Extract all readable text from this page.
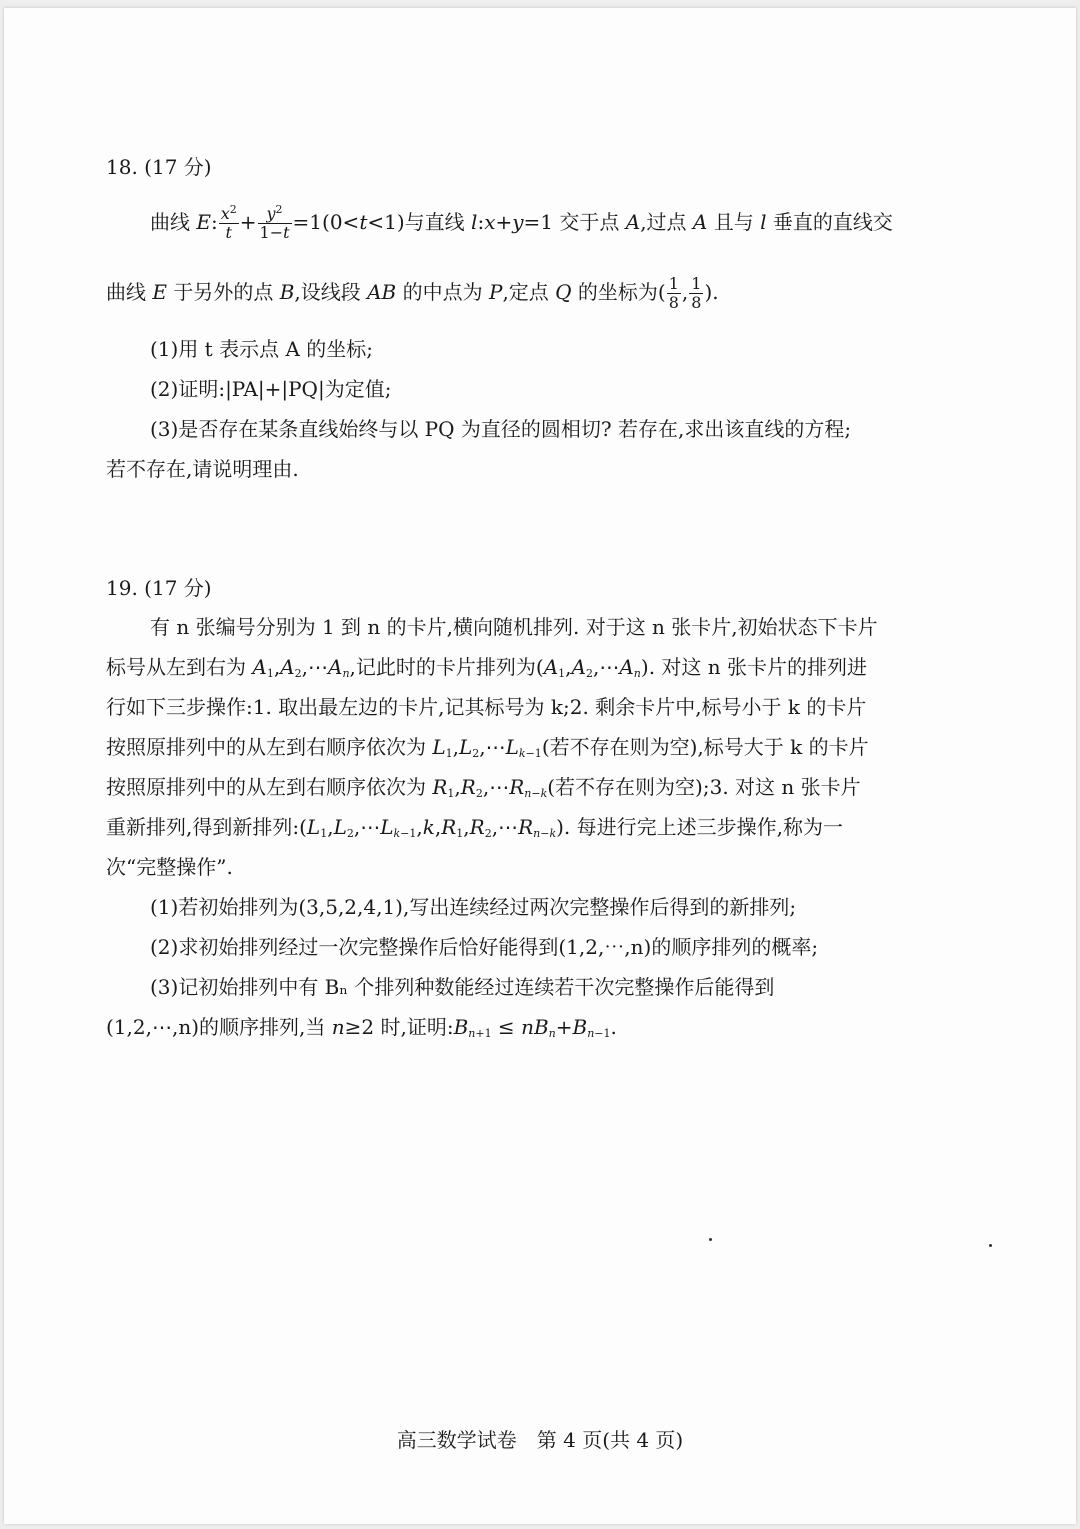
18. (17 分)
曲线 E: $\frac{x^2}{t} + \frac{y^2}{1-t} =1(0<t<1)$与直线 l:x+y=1 交于点 A,过点 A 且与 l 垂直的直线交
曲线 E 于另外的点 B,设线段 AB 的中点为 P,定点 Q 的坐标为( $\frac{1}{8}$ , $\frac{1}{8}$ ).
(1)用 t 表示点 A 的坐标;
(2)证明:|PA|+|PQ|为定值;
(3)是否存在某条直线始终与以 PQ 为直径的圆相切? 若存在,求出该直线的方程;
若不存在,请说明理由.
19. (17 分)
有 n 张编号分别为 1 到 n 的卡片,横向随机排列. 对于这 n 张卡片,初始状态下卡片
标号从左到右为 $A_1,A_2,\cdots A_n$,记此时的卡片排列为$(A_1,A_2,\cdots A_n)$. 对这 n 张卡片的排列进
行如下三步操作:1. 取出最左边的卡片,记其标号为 k;2. 剩余卡片中,标号小于 k 的卡片
按照原排列中的从左到右顺序依次为 $L_1,L_2,\cdots L_{k-1}$(若不存在则为空),标号大于 k 的卡片
按照原排列中的从左到右顺序依次为 $R_1,R_2,\cdots R_{n-k}$(若不存在则为空);3. 对这 n 张卡片
重新排列,得到新排列$:(L_1,L_2,\cdots L_{k-1},k,R_1,R_2,\cdots R_{n-k})$. 每进行完上述三步操作,称为一
次“完整操作”.
(1)若初始排列为(3,5,2,4,1),写出连续经过两次完整操作后得到的新排列;
(2)求初始排列经过一次完整操作后恰好能得到(1,2,⋯,n)的顺序排列的概率;
(3)记初始排列中有 Bₙ 个排列种数能经过连续若干次完整操作后能得到
(1,2,⋯,n)的顺序排列,当 n≥2 时,证明$:B_{n+1} \le nB_n+B_{n-1}$.
高三数学试卷　第 4 页(共 4 页)
